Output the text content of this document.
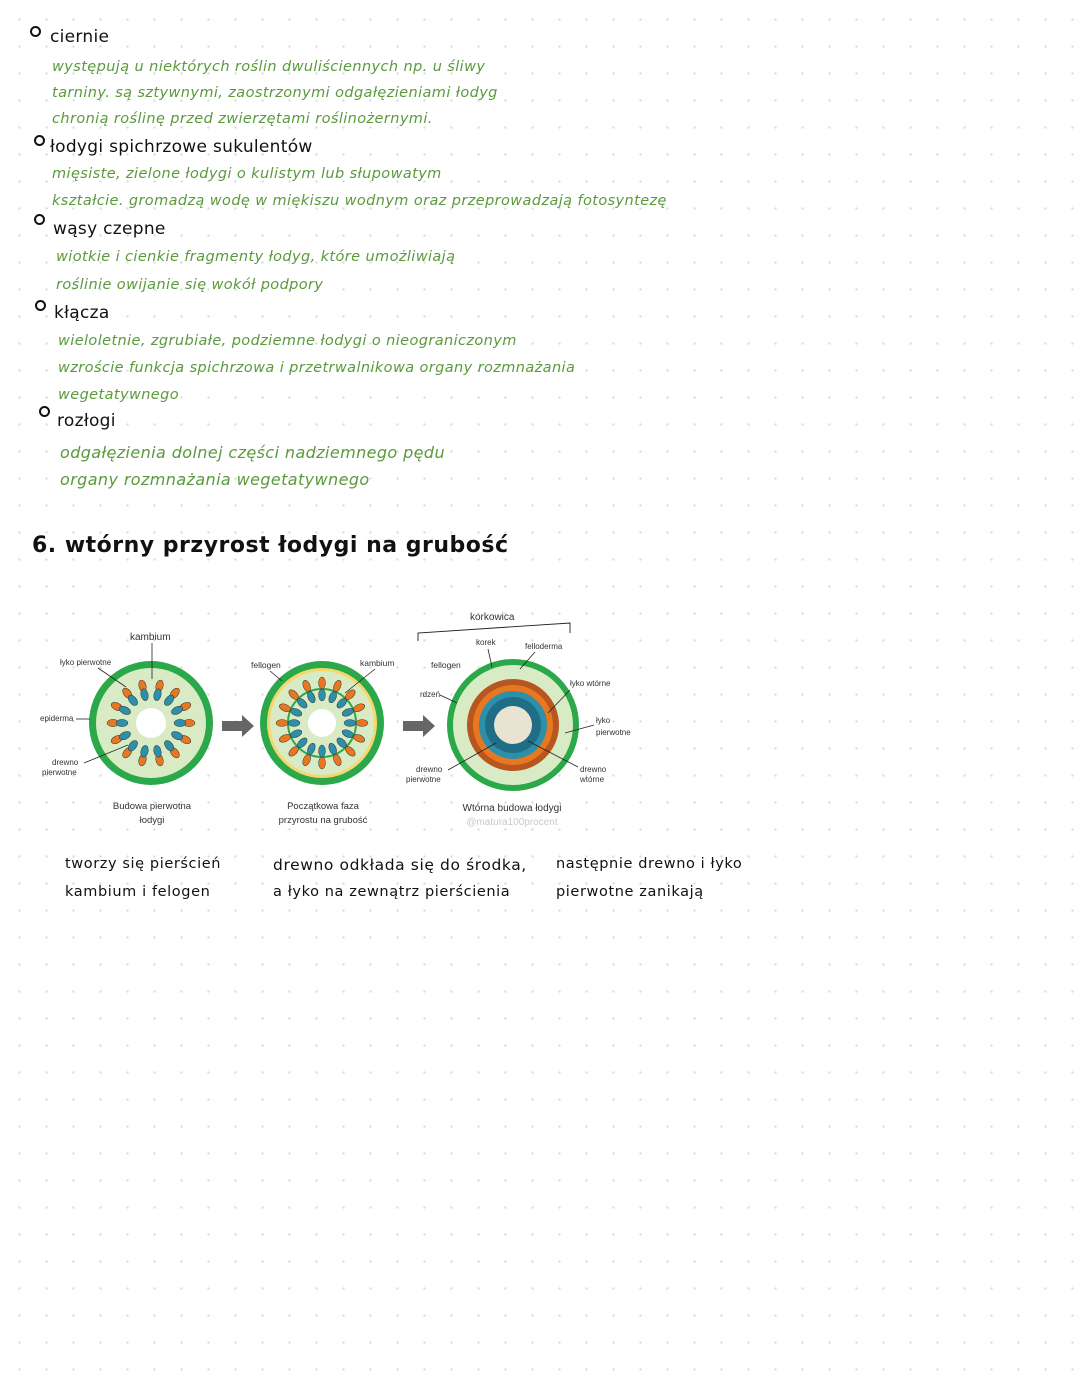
ciernie
występują u niektórych roślin dwuliściennych np. u śliwy
tarniny. są sztywnymi, zaostrzonymi odgałęzieniami łodyg
chronią roślinę przed zwierzętami roślinożernymi.
łodygi spichrzowe sukulentów
mięsiste, zielone łodygi o kulistym lub słupowatym
kształcie. gromadzą wodę w miękiszu wodnym oraz przeprowadzają fotosyntezę
wąsy czepne
wiotkie i cienkie fragmenty łodyg, które umożliwiają
roślinie owijanie się wokół podpory
kłącza
wieloletnie, zgrubiałe, podziemne łodygi o nieograniczonym
wzroście funkcja spichrzowa i przetrwalnikowa organy rozmnażania
wegetatywnego
rozłogi
odgałęzienia dolnej części nadziemnego pędu
organy rozmnażania wegetatywnego
6. wtórny przyrost łodygi na grubość
kambium
łyko pierwotne
epiderma
drewno
pierwotne
Budowa pierwotna
łodygi
fellogen	kambium
Początkowa faza
przyrostu na grubość
korkowica
korek	felloderma
fellogen
rdzeń
łyko wtórne
łyko
pierwotne
drewno
pierwotne
drewno
wtórne
Wtórna budowa łodygi
@matura100procent
tworzy się pierścień
kambium i felogen
drewno odkłada się do środka,
a łyko na zewnątrz pierścienia
następnie drewno i łyko
pierwotne zanikają
